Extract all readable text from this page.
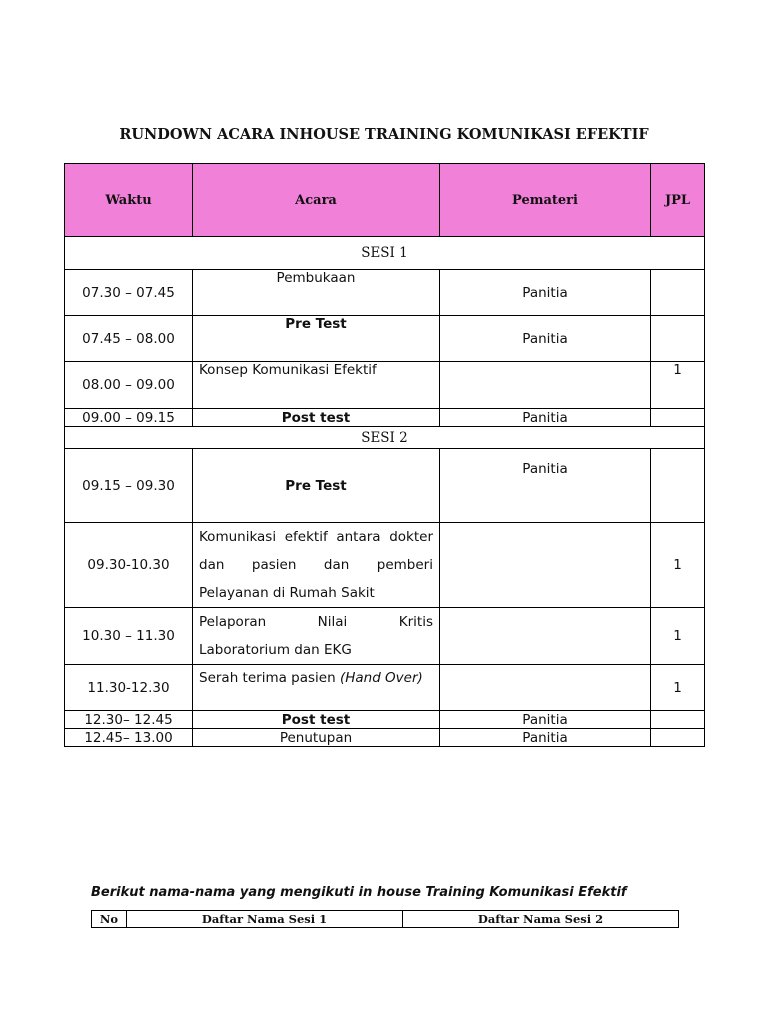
RUNDOWN ACARA INHOUSE TRAINING KOMUNIKASI EFEKTIF
Waktu	Acara	Pemateri	JPL
SESI 1			
07.30 – 07.45	Pembukaan	Panitia	
07.45 – 08.00	Pre Test	Panitia	
08.00 – 09.00	Konsep Komunikasi Efektif		1
09.00 – 09.15	Post test	Panitia	
SESI 2			
09.15 – 09.30	Pre Test	Panitia	
09.30-10.30	Komunikasi efektif antara dokter dan pasien dan pemberi Pelayanan di Rumah Sakit		1
10.30 – 11.30	Pelaporan Nilai Kritis Laboratorium dan EKG		1
11.30-12.30	Serah terima pasien (Hand Over)		1
12.30– 12.45	Post test	Panitia	
12.45– 13.00	Penutupan	Panitia	
Berikut nama-nama yang mengikuti in house Training Komunikasi Efektif
No	Daftar Nama Sesi 1	Daftar Nama Sesi 2
